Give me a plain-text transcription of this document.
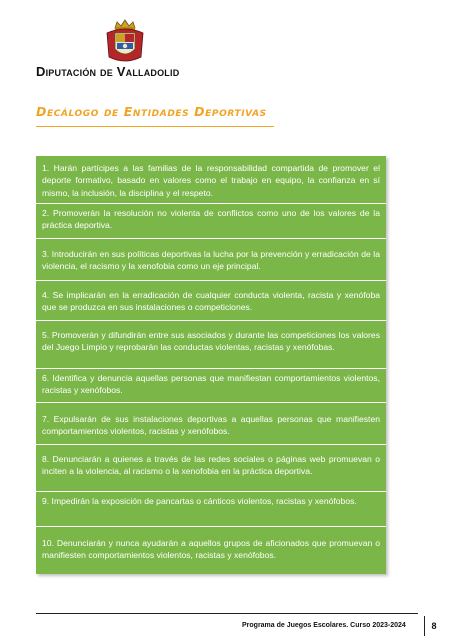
Diputación de Valladolid
Decálogo de Entidades Deportivas
1. Harán partícipes a las familias de la responsabilidad compartida de promover el deporte formativo, basado en valores como el trabajo en equipo, la confianza en sí mismo, la inclusión, la disciplina y el respeto.
2. Promoverán la resolución no violenta de conflictos como uno de los valores de la práctica deportiva.
3. Introducirán en sus políticas deportivas la lucha por la prevención y erradicación de la violencia, el racismo y la xenofobia como un eje principal.
4. Se implicarán en la erradicación de cualquier conducta violenta, racista y xenófoba que se produzca en sus instalaciones o competiciones.
5. Promoverán y difundirán entre sus asociados y durante las competiciones los valores del Juego Limpio y reprobarán las conductas violentas, racistas y xenófobas.
6. Identifica y denuncia aquellas personas que manifiestan comportamientos violentos, racistas y xenófobos.
7. Expulsarán de sus instalaciones deportivas a aquellas personas que manifiesten comportamientos violentos, racistas y xenófobos.
8. Denunciarán a quienes a través de las redes sociales o páginas web promuevan o inciten a la violencia, al racismo o la xenofobia en la práctica deportiva.
9. Impedirán la exposición de pancartas o cánticos violentos, racistas y xenófobos.
10. Denunciarán y nunca ayudarán a aquellos grupos de aficionados que promuevan o manifiesten comportamientos violentos, racistas y xenófobos.
Programa de Juegos Escolares. Curso 2023-2024	8
